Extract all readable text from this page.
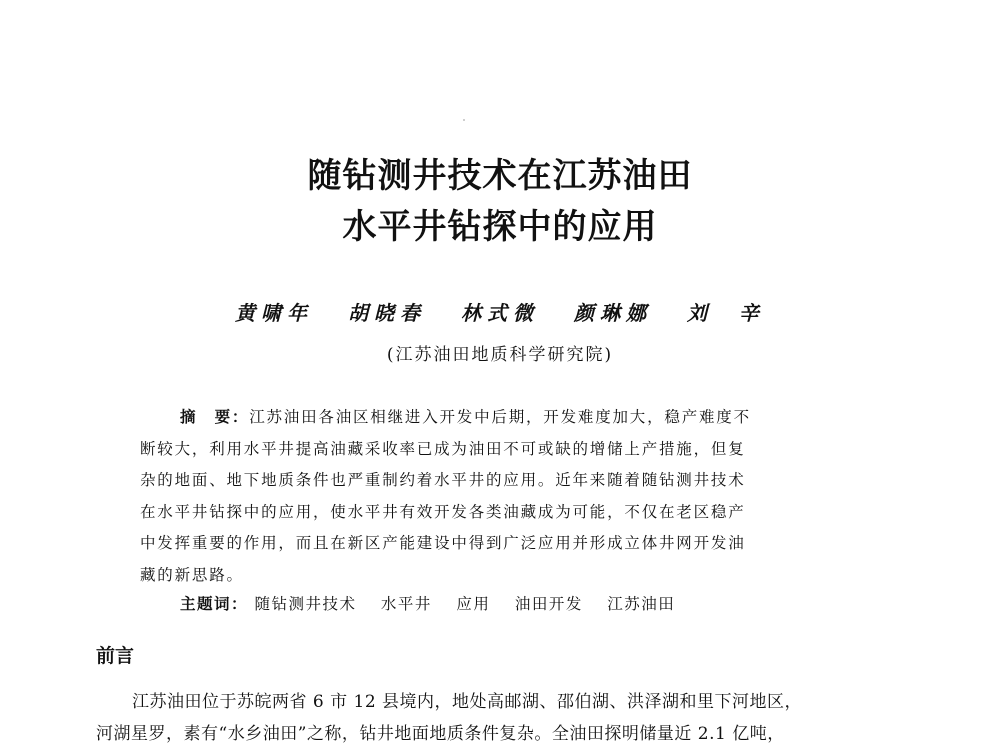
随钻测井技术在江苏油田
水平井钻探中的应用
黄啸年 胡晓春 林式微 颜琳娜 刘　辛
(江苏油田地质科学研究院)
摘　要：江苏油田各油区相继进入开发中后期，开发难度加大，稳产难度不
断较大，利用水平井提高油藏采收率已成为油田不可或缺的增储上产措施，但复
杂的地面、地下地质条件也严重制约着水平井的应用。近年来随着随钻测井技术
在水平井钻探中的应用，使水平井有效开发各类油藏成为可能，不仅在老区稳产
中发挥重要的作用，而且在新区产能建设中得到广泛应用并形成立体井网开发油
藏的新思路。
主题词： 随钻测井技术 水平井 应用 油田开发 江苏油田
前言
江苏油田位于苏皖两省 6 市 12 县境内，地处高邮湖、邵伯湖、洪泽湖和里下河地区，
河湖星罗，素有“水乡油田”之称，钻井地面地质条件复杂。全油田探明储量近 2.1 亿吨，
